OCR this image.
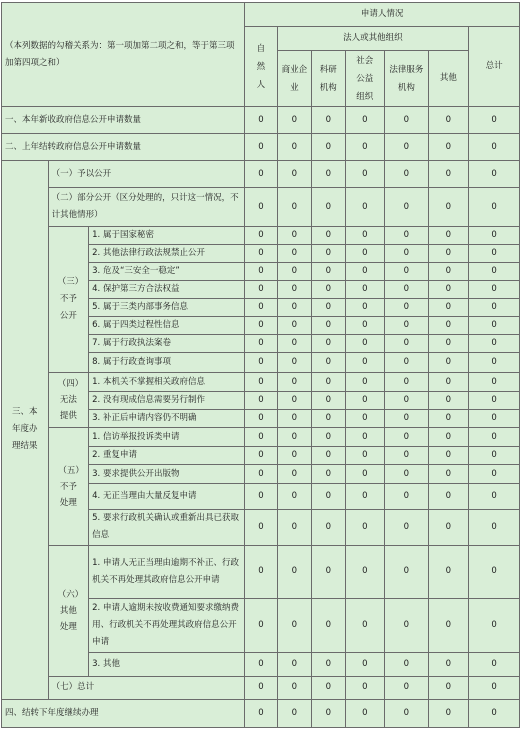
（本列数据的勾稽关系为：第一项加第二项之和，等于第三项加第四项之和）			申请人情况						

			自然人	法人或其他组织					总计

				商业企业	科研机构	社会公益组织	法律服务机构	其他	
一、本年新收政府信息公开申请数量			0	0	0	0	0	0	0
二、上年结转政府信息公开申请数量			0	0	0	0	0	0	0

三、本年度办理结果	（一）予以公开		0	0	0	0	0	0	0
	（二）部分公开（区分处理的，只计这一情况，不计其他情形）		0	0	0	0	0	0	0

	（三）不予公开	1. 属于国家秘密	0	0	0	0	0	0	0
		2. 其他法律行政法规禁止公开	0	0	0	0	0	0	0
		3. 危及“三安全一稳定”	0	0	0	0	0	0	0
		4. 保护第三方合法权益	0	0	0	0	0	0	0
		5. 属于三类内部事务信息	0	0	0	0	0	0	0
		6. 属于四类过程性信息	0	0	0	0	0	0	0
		7. 属于行政执法案卷	0	0	0	0	0	0	0
		8. 属于行政查询事项	0	0	0	0	0	0	0

	（四）无法提供	1. 本机关不掌握相关政府信息	0	0	0	0	0	0	0
		2. 没有现成信息需要另行制作	0	0	0	0	0	0	0
		3. 补正后申请内容仍不明确	0	0	0	0	0	0	0

	（五）不予处理	1. 信访举报投诉类申请	0	0	0	0	0	0	0
		2. 重复申请	0	0	0	0	0	0	0
		3. 要求提供公开出版物	0	0	0	0	0	0	0
		4. 无正当理由大量反复申请	0	0	0	0	0	0	0
		5. 要求行政机关确认或重新出具已获取信息	0	0	0	0	0	0	0

	（六）其他处理	1. 申请人无正当理由逾期不补正、行政机关不再处理其政府信息公开申请	0	0	0	0	0	0	0
		2. 申请人逾期未按收费通知要求缴纳费用、行政机关不再处理其政府信息公开申请	0	0	0	0	0	0	0
		3. 其他	0	0	0	0	0	0	0
	（七）总计		0	0	0	0	0	0	0
四、结转下年度继续办理			0	0	0	0	0	0	0
